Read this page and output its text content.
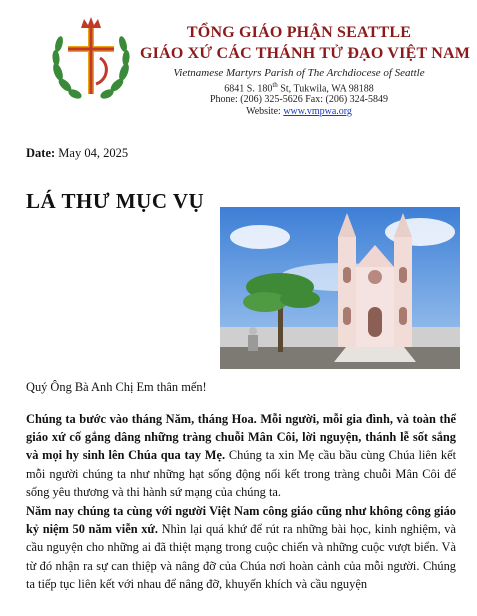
TỔNG GIÁO PHẬN SEATTLE
GIÁO XỨ CÁC THÁNH TỬ ĐẠO VIỆT NAM
Vietnamese Martyrs Parish of The Archdiocese of Seattle
6841 S. 180th St, Tukwila, WA 98188
Phone: (206) 325-5626 Fax: (206) 324-5849
Website: www.vmpwa.org
Date: May 04, 2025
LÁ THƯ MỤC VỤ
Quý Ông Bà Anh Chị Em thân mến!
Chúng ta bước vào tháng Năm, tháng Hoa. Mỗi người, mỗi gia đình, và toàn thể giáo xứ cố gắng dâng những tràng chuỗi Mân Côi, lời nguyện, thánh lễ sốt sắng và mọi hy sinh lên Chúa qua tay Mẹ. Chúng ta xin Mẹ cầu bầu cùng Chúa liên kết mỗi người chúng ta như những hạt sống động nối kết trong tràng chuỗi Mân Côi để sống yêu thương và thi hành sứ mạng của chúng ta.
Năm nay chúng ta cùng với người Việt Nam công giáo cũng như không công giáo kỷ niệm 50 năm viễn xứ. Nhìn lại quá khứ để rút ra những bài học, kinh nghiệm, và cầu nguyện cho những ai đã thiệt mạng trong cuộc chiến và những cuộc vượt biển. Và từ đó nhận ra sự can thiệp và nâng đỡ của Chúa nơi hoàn cảnh của mỗi người. Chúng ta tiếp tục liên kết với nhau để nâng đỡ, khuyến khích và cầu nguyện
